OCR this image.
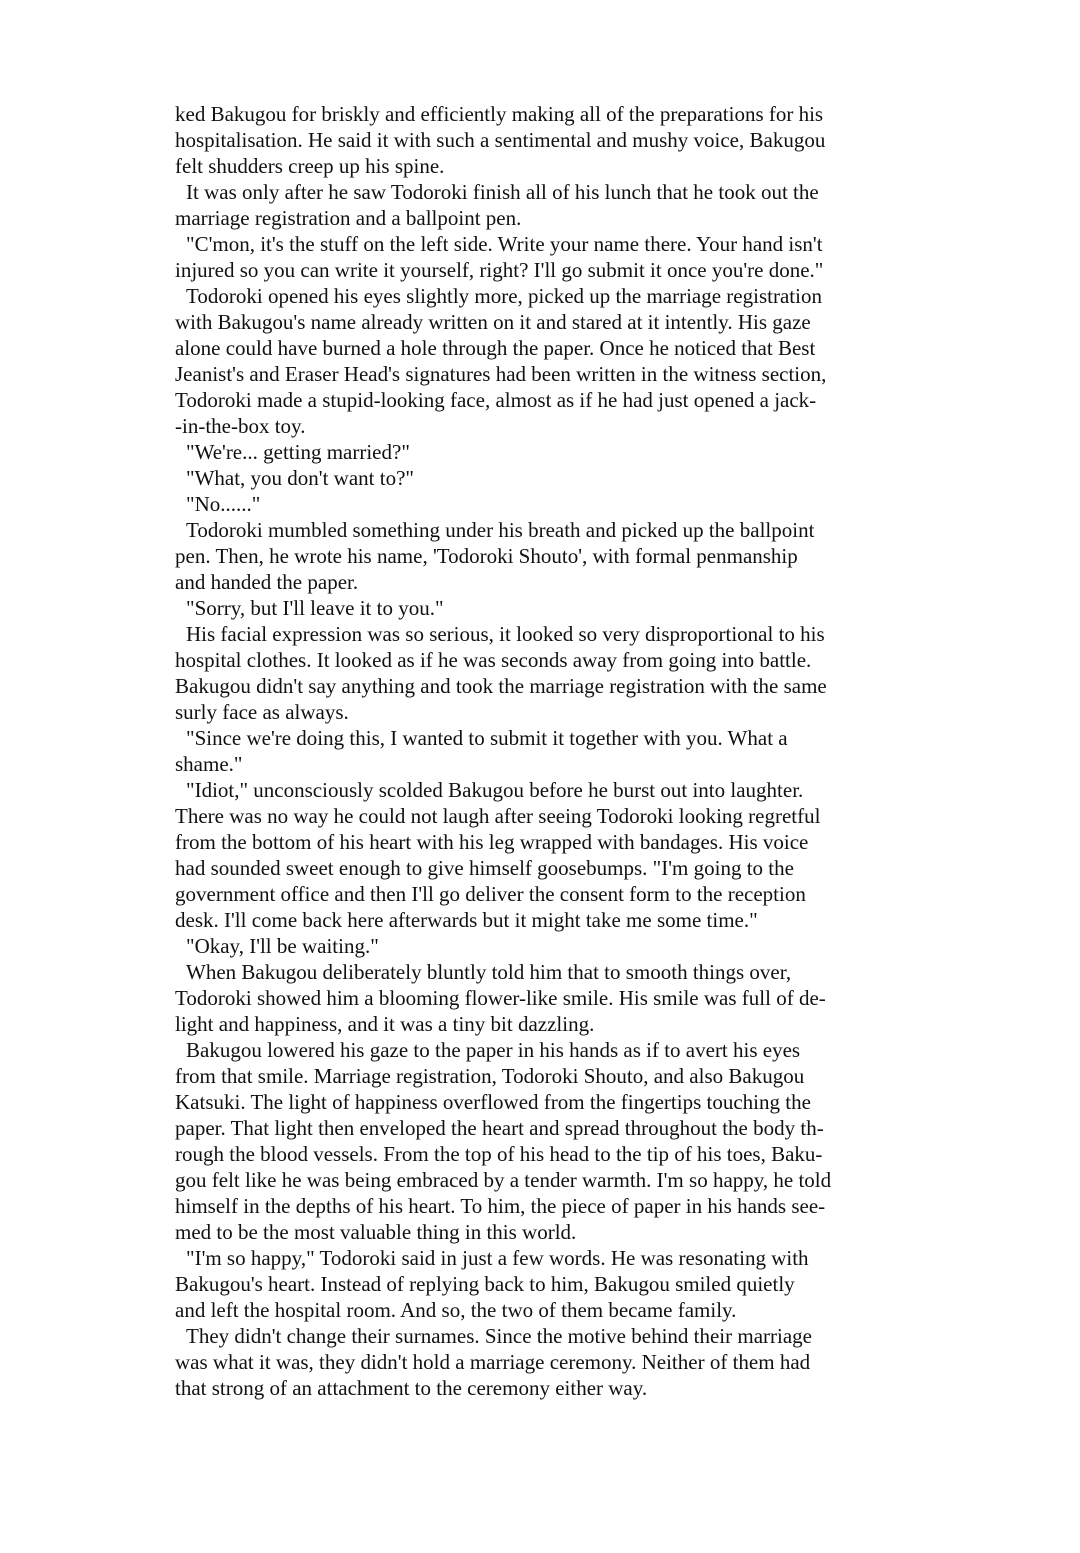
ked Bakugou for briskly and efficiently making all of the preparations for his
hospitalisation. He said it with such a sentimental and mushy voice, Bakugou
felt shudders creep up his spine.
It was only after he saw Todoroki finish all of his lunch that he took out the
marriage registration and a ballpoint pen.
"C'mon, it's the stuff on the left side. Write your name there. Your hand isn't
injured so you can write it yourself, right? I'll go submit it once you're done."
Todoroki opened his eyes slightly more, picked up the marriage registration
with Bakugou's name already written on it and stared at it intently. His gaze
alone could have burned a hole through the paper. Once he noticed that Best
Jeanist's and Eraser Head's signatures had been written in the witness section,
Todoroki made a stupid-looking face, almost as if he had just opened a jack-
-in-the-box toy.
"We're... getting married?"
"What, you don't want to?"
"No......"
Todoroki mumbled something under his breath and picked up the ballpoint
pen. Then, he wrote his name, 'Todoroki Shouto', with formal penmanship
and handed the paper.
"Sorry, but I'll leave it to you."
His facial expression was so serious, it looked so very disproportional to his
hospital clothes. It looked as if he was seconds away from going into battle.
Bakugou didn't say anything and took the marriage registration with the same
surly face as always.
"Since we're doing this, I wanted to submit it together with you. What a
shame."
"Idiot," unconsciously scolded Bakugou before he burst out into laughter.
There was no way he could not laugh after seeing Todoroki looking regretful
from the bottom of his heart with his leg wrapped with bandages. His voice
had sounded sweet enough to give himself goosebumps. "I'm going to the
government office and then I'll go deliver the consent form to the reception
desk. I'll come back here afterwards but it might take me some time."
"Okay, I'll be waiting."
When Bakugou deliberately bluntly told him that to smooth things over,
Todoroki showed him a blooming flower-like smile. His smile was full of de-
light and happiness, and it was a tiny bit dazzling.
Bakugou lowered his gaze to the paper in his hands as if to avert his eyes
from that smile. Marriage registration, Todoroki Shouto, and also Bakugou
Katsuki. The light of happiness overflowed from the fingertips touching the
paper. That light then enveloped the heart and spread throughout the body th-
rough the blood vessels. From the top of his head to the tip of his toes, Baku-
gou felt like he was being embraced by a tender warmth. I'm so happy, he told
himself in the depths of his heart. To him, the piece of paper in his hands see-
med to be the most valuable thing in this world.
"I'm so happy," Todoroki said in just a few words. He was resonating with
Bakugou's heart. Instead of replying back to him, Bakugou smiled quietly
and left the hospital room. And so, the two of them became family.
They didn't change their surnames. Since the motive behind their marriage
was what it was, they didn't hold a marriage ceremony. Neither of them had
that strong of an attachment to the ceremony either way.
